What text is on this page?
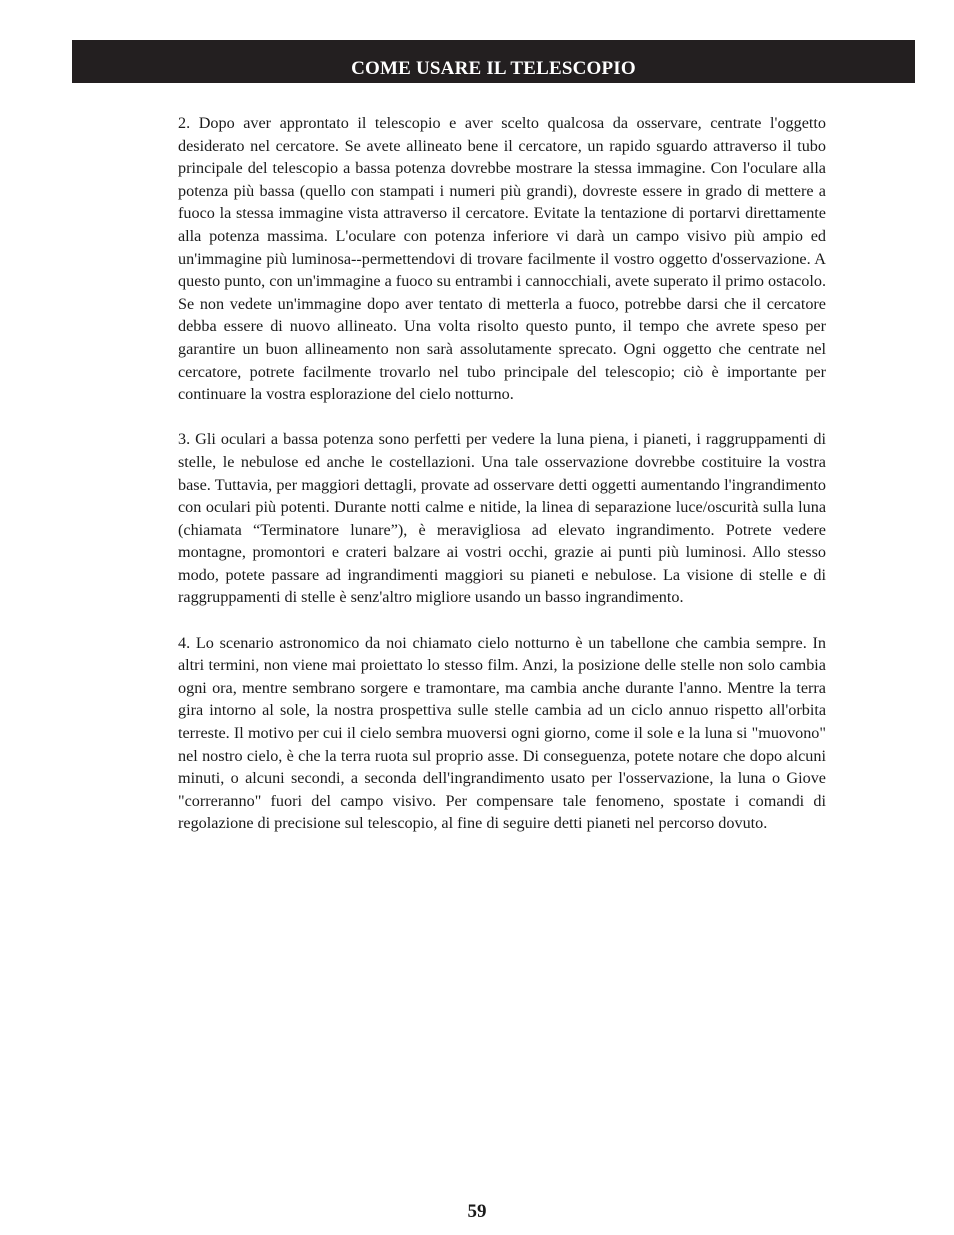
COME USARE IL TELESCOPIO

2. Dopo aver approntato il telescopio e aver scelto qualcosa da osservare, centrate l'oggetto desiderato nel cercatore. Se avete allineato bene il cercatore, un rapido sguardo attraverso il tubo principale del telescopio a bassa potenza dovrebbe mostrare la stessa immagine. Con l'oculare alla potenza più bassa (quello con stampati i numeri più grandi), dovreste essere in grado di mettere a fuoco la stessa immagine vista attraverso il cercatore. Evitate la tentazione di portarvi direttamente alla potenza massima. L'oculare con potenza inferiore vi darà un campo visivo più ampio ed un'immagine più luminosa--permettendovi di trovare facilmente il vostro oggetto d'osservazione. A questo punto, con un'immagine a fuoco su entrambi i cannocchiali, avete superato il primo ostacolo. Se non vedete un'immagine dopo aver tentato di metterla a fuoco, potrebbe darsi che il cercatore debba essere di nuovo allineato. Una volta risolto questo punto, il tempo che avrete speso per garantire un buon allineamento non sarà assolutamente sprecato. Ogni oggetto che centrate nel cercatore, potrete facilmente trovarlo nel tubo principale del telescopio; ciò è importante per continuare la vostra esplorazione del cielo notturno.

3. Gli oculari a bassa potenza sono perfetti per vedere la luna piena, i pianeti, i raggruppamenti di stelle, le nebulose ed anche le costellazioni. Una tale osservazione dovrebbe costituire la vostra base. Tuttavia, per maggiori dettagli, provate ad osservare detti oggetti aumentando l'ingrandimento con oculari più potenti. Durante notti calme e nitide, la linea di separazione luce/oscurità sulla luna (chiamata “Terminatore lunare”), è meravigliosa ad elevato ingrandimento. Potrete vedere montagne, promontori e crateri balzare ai vostri occhi, grazie ai punti più luminosi. Allo stesso modo, potete passare ad ingrandimenti maggiori su pianeti e nebulose. La visione di stelle e di raggruppamenti di stelle è senz'altro migliore usando un basso ingrandimento.

4. Lo scenario astronomico da noi chiamato cielo notturno è un tabellone che cambia sempre. In altri termini, non viene mai proiettato lo stesso film. Anzi, la posizione delle stelle non solo cambia ogni ora, mentre sembrano sorgere e tramontare, ma cambia anche durante l'anno. Mentre la terra gira intorno al sole, la nostra prospettiva sulle stelle cambia ad un ciclo annuo rispetto all'orbita terreste. Il motivo per cui il cielo sembra muoversi ogni giorno, come il sole e la luna si "muovono" nel nostro cielo, è che la terra ruota sul proprio asse. Di conseguenza, potete notare che dopo alcuni minuti, o alcuni secondi, a seconda dell'ingrandimento usato per l'osservazione, la luna o Giove "correranno" fuori del campo visivo. Per compensare tale fenomeno, spostate i comandi di regolazione di precisione sul telescopio, al fine di seguire detti pianeti nel percorso dovuto.

59
